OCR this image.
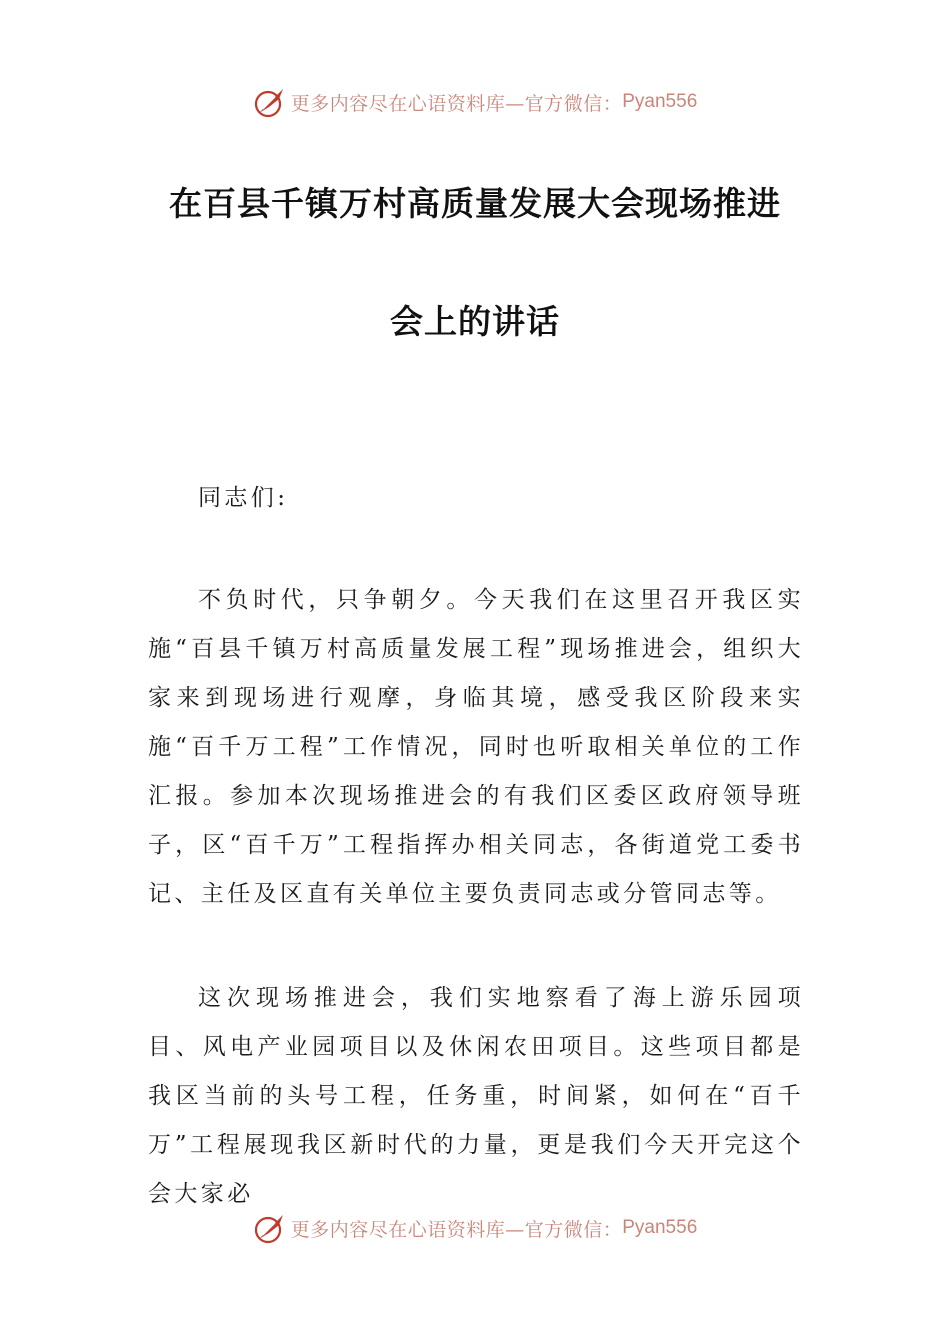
更多内容尽在心语资料库—官方微信： Pyan556
在百县千镇万村高质量发展大会现场推进
会上的讲话
同志们:

不负时代，只争朝夕。今天我们在这里召开我区实施“百县千镇万村高质量发展工程”现场推进会，组织大家来到现场进行观摩，身临其境，感受我区阶段来实施“百千万工程”工作情况，同时也听取相关单位的工作汇报。参加本次现场推进会的有我们区委区政府领导班子，区“百千万”工程指挥办相关同志，各街道党工委书记、主任及区直有关单位主要负责同志或分管同志等。

这次现场推进会，我们实地察看了海上游乐园项目、风电产业园项目以及休闲农田项目。这些项目都是我区当前的头号工程，任务重，时间紧，如何在“百千万”工程展现我区新时代的力量，更是我们今天开完这个会大家必

更多内容尽在心语资料库—官方微信： Pyan556
